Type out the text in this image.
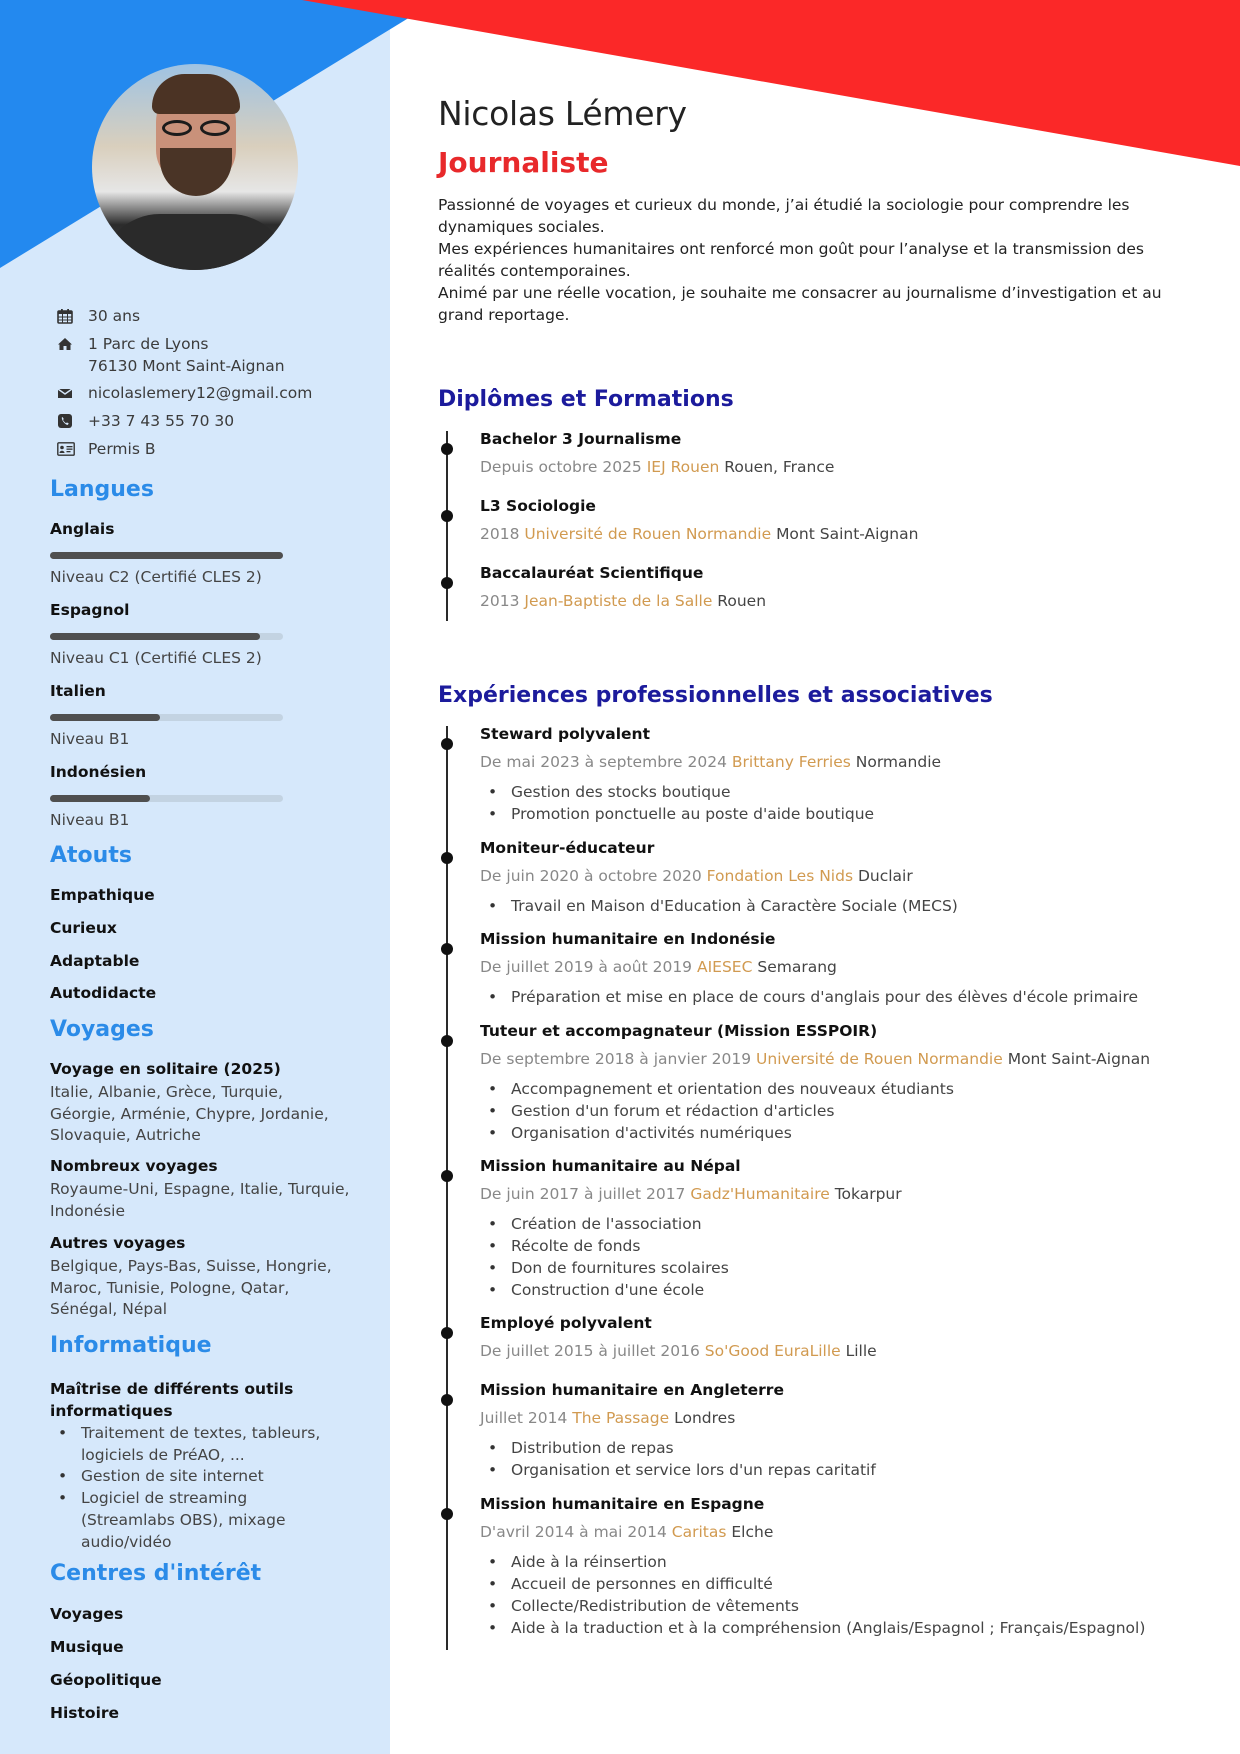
30 ans
1 Parc de Lyons
76130 Mont Saint-Aignan
nicolaslemery12@gmail.com
+33 7 43 55 70 30
Permis B
Langues
Anglais
Niveau C2 (Certifié CLES 2)
Espagnol
Niveau C1 (Certifié CLES 2)
Italien
Niveau B1
Indonésien
Niveau B1
Atouts
Empathique
Curieux
Adaptable
Autodidacte
Voyages
Voyage en solitaire (2025)
Italie, Albanie, Grèce, Turquie, Géorgie, Arménie, Chypre, Jordanie, Slovaquie, Autriche
Nombreux voyages
Royaume-Uni, Espagne, Italie, Turquie, Indonésie
Autres voyages
Belgique, Pays-Bas, Suisse, Hongrie, Maroc, Tunisie, Pologne, Qatar, Sénégal, Népal
Informatique
Maîtrise de différents outils informatiques
• Traitement de textes, tableurs, logiciels de PréAO, ...
• Gestion de site internet
• Logiciel de streaming (Streamlabs OBS), mixage audio/vidéo
Centres d'intérêt
Voyages
Musique
Géopolitique
Histoire
Nicolas Lémery
Journaliste

Passionné de voyages et curieux du monde, j’ai étudié la sociologie pour comprendre les dynamiques sociales.

Mes expériences humanitaires ont renforcé mon goût pour l’analyse et la transmission des réalités contemporaines.

Animé par une réelle vocation, je souhaite me consacrer au journalisme d’investigation et au grand reportage.

Diplômes et Formations
Bachelor 3 Journalisme
Depuis octobre 2025 IEJ Rouen Rouen, France
L3 Sociologie
2018 Université de Rouen Normandie Mont Saint-Aignan
Baccalauréat Scientifique
2013 Jean-Baptiste de la Salle Rouen
Expériences professionnelles et associatives
Steward polyvalent
De mai 2023 à septembre 2024 Brittany Ferries Normandie
• Gestion des stocks boutique
• Promotion ponctuelle au poste d'aide boutique
Moniteur-éducateur
De juin 2020 à octobre 2020 Fondation Les Nids Duclair
• Travail en Maison d'Education à Caractère Sociale (MECS)
Mission humanitaire en Indonésie
De juillet 2019 à août 2019 AIESEC Semarang
• Préparation et mise en place de cours d'anglais pour des élèves d'école primaire
Tuteur et accompagnateur (Mission ESSPOIR)
De septembre 2018 à janvier 2019 Université de Rouen Normandie Mont Saint-Aignan
• Accompagnement et orientation des nouveaux étudiants
• Gestion d'un forum et rédaction d'articles
• Organisation d'activités numériques
Mission humanitaire au Népal
De juin 2017 à juillet 2017 Gadz'Humanitaire Tokarpur
• Création de l'association
• Récolte de fonds
• Don de fournitures scolaires
• Construction d'une école
Employé polyvalent
De juillet 2015 à juillet 2016 So'Good EuraLille Lille
Mission humanitaire en Angleterre
Juillet 2014 The Passage Londres
• Distribution de repas
• Organisation et service lors d'un repas caritatif
Mission humanitaire en Espagne
D'avril 2014 à mai 2014 Caritas Elche
• Aide à la réinsertion
• Accueil de personnes en difficulté
• Collecte/Redistribution de vêtements
• Aide à la traduction et à la compréhension (Anglais/Espagnol ; Français/Espagnol)
